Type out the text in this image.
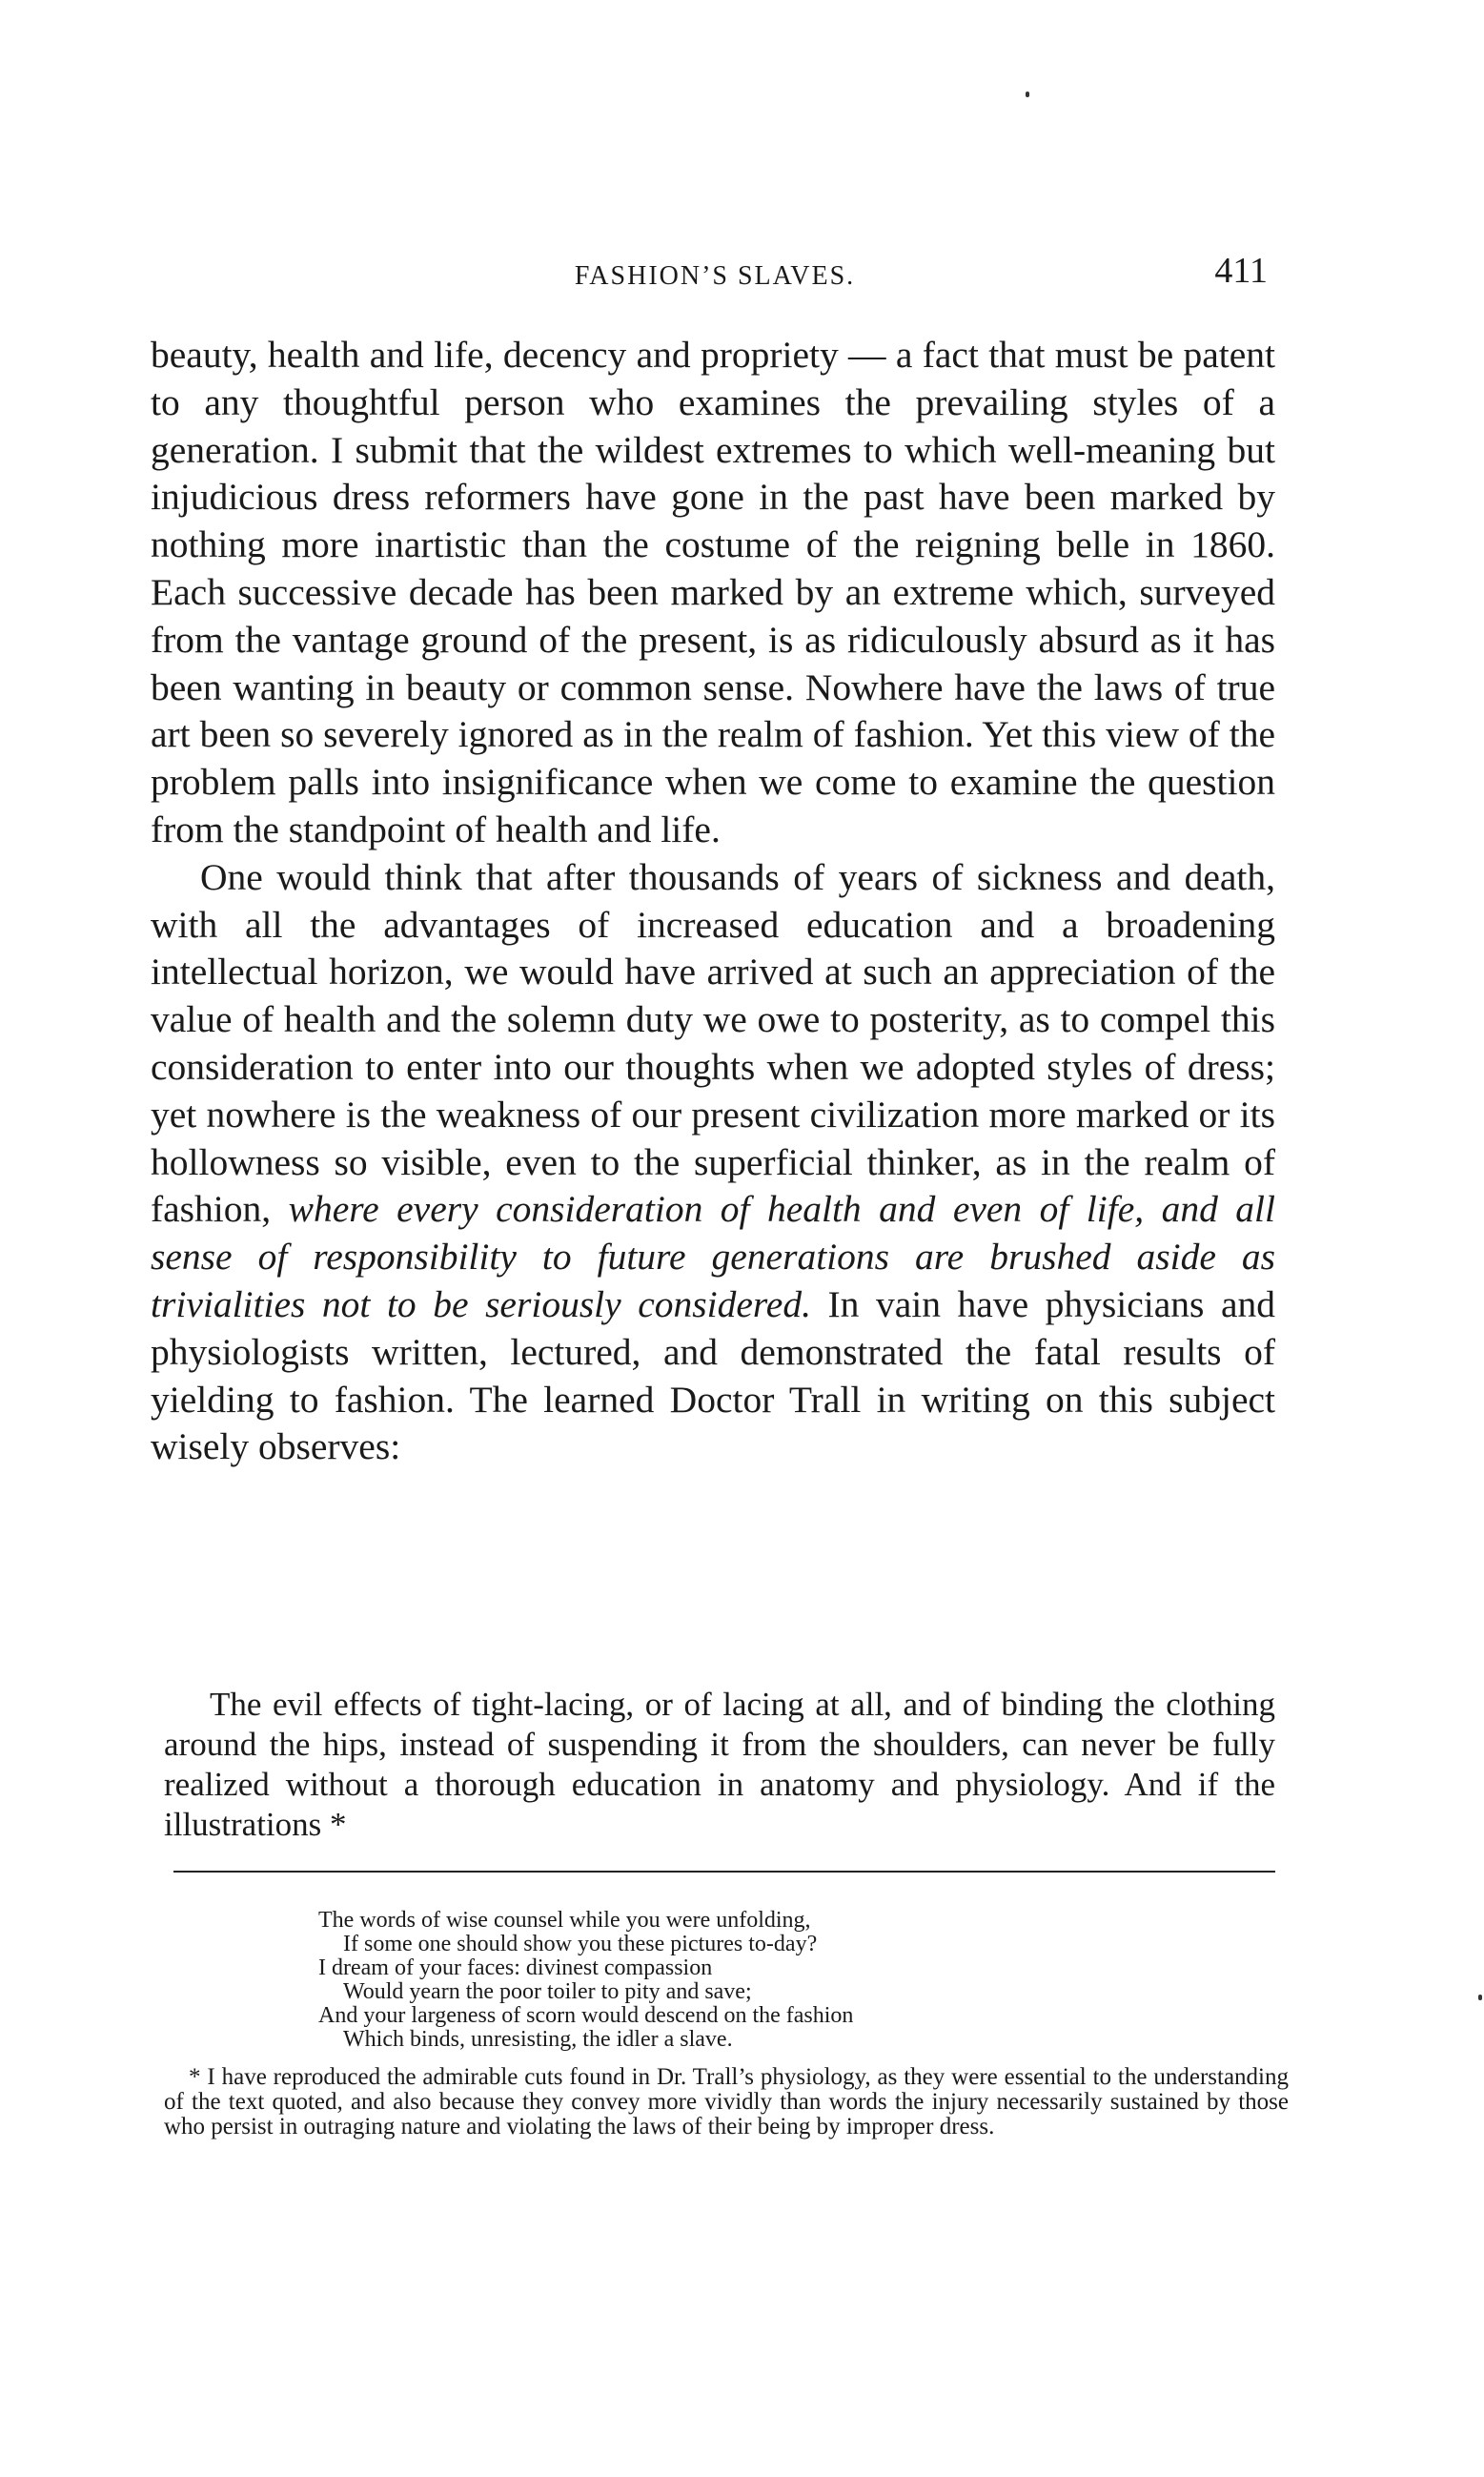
FASHION’S SLAVES.	411

beauty, health and life, decency and propriety — a fact that must be patent to any thoughtful person who examines the prevailing styles of a generation. I submit that the wildest extremes to which well-meaning but injudicious dress reformers have gone in the past have been marked by nothing more inartistic than the costume of the reigning belle in 1860. Each successive decade has been marked by an extreme which, surveyed from the vantage ground of the present, is as ridiculously absurd as it has been wanting in beauty or common sense. Nowhere have the laws of true art been so severely ignored as in the realm of fashion. Yet this view of the problem palls into insignificance when we come to examine the question from the standpoint of health and life.

One would think that after thousands of years of sickness and death, with all the advantages of increased education and a broadening intellectual horizon, we would have arrived at such an appreciation of the value of health and the solemn duty we owe to posterity, as to compel this consideration to enter into our thoughts when we adopted styles of dress; yet nowhere is the weakness of our present civilization more marked or its hollowness so visible, even to the superficial thinker, as in the realm of fashion, where every consideration of health and even of life, and all sense of responsibility to future generations are brushed aside as trivialities not to be seriously considered. In vain have physicians and physiologists written, lectured, and demonstrated the fatal results of yielding to fashion. The learned Doctor Trall in writing on this subject wisely observes:

The evil effects of tight-lacing, or of lacing at all, and of binding the clothing around the hips, instead of suspending it from the shoulders, can never be fully realized without a thorough education in anatomy and physiology. And if the illustrations *

The words of wise counsel while you were unfolding,
If some one should show you these pictures to-day?
I dream of your faces: divinest compassion
Would yearn the poor toiler to pity and save;
And your largeness of scorn would descend on the fashion
Which binds, unresisting, the idler a slave.

* I have reproduced the admirable cuts found in Dr. Trall’s physiology, as they were essential to the understanding of the text quoted, and also because they convey more vividly than words the injury necessarily sustained by those who persist in outraging nature and violating the laws of their being by improper dress.
